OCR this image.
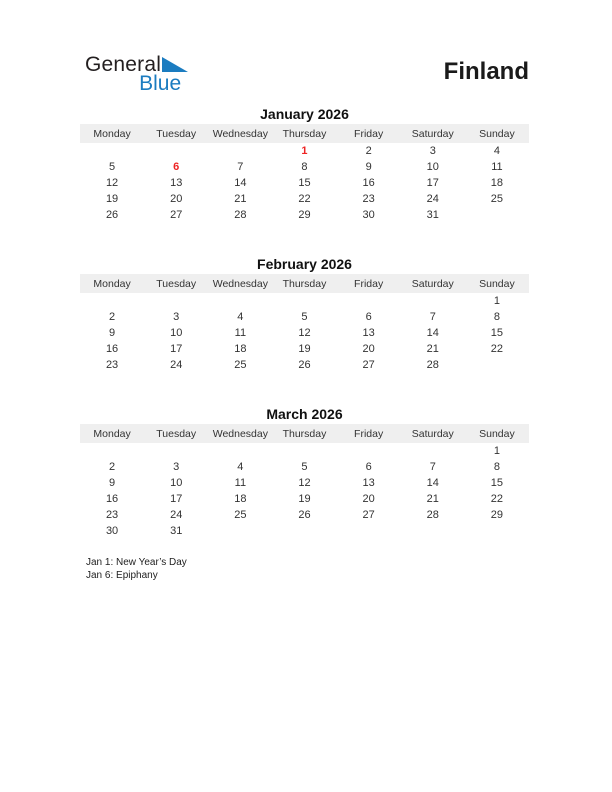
General
Blue	Finland
January 2026
Monday	Tuesday	Wednesday	Thursday	Friday	Saturday	Sunday
			1	2	3	4
5	6	7	8	9	10	11
12	13	14	15	16	17	18
19	20	21	22	23	24	25
26	27	28	29	30	31	
February 2026
Monday	Tuesday	Wednesday	Thursday	Friday	Saturday	Sunday
						1
2	3	4	5	6	7	8
9	10	11	12	13	14	15
16	17	18	19	20	21	22
23	24	25	26	27	28	
March 2026
Monday	Tuesday	Wednesday	Thursday	Friday	Saturday	Sunday
						1
2	3	4	5	6	7	8
9	10	11	12	13	14	15
16	17	18	19	20	21	22
23	24	25	26	27	28	29
30	31					
Jan 1: New Year’s Day
Jan 6: Epiphany
